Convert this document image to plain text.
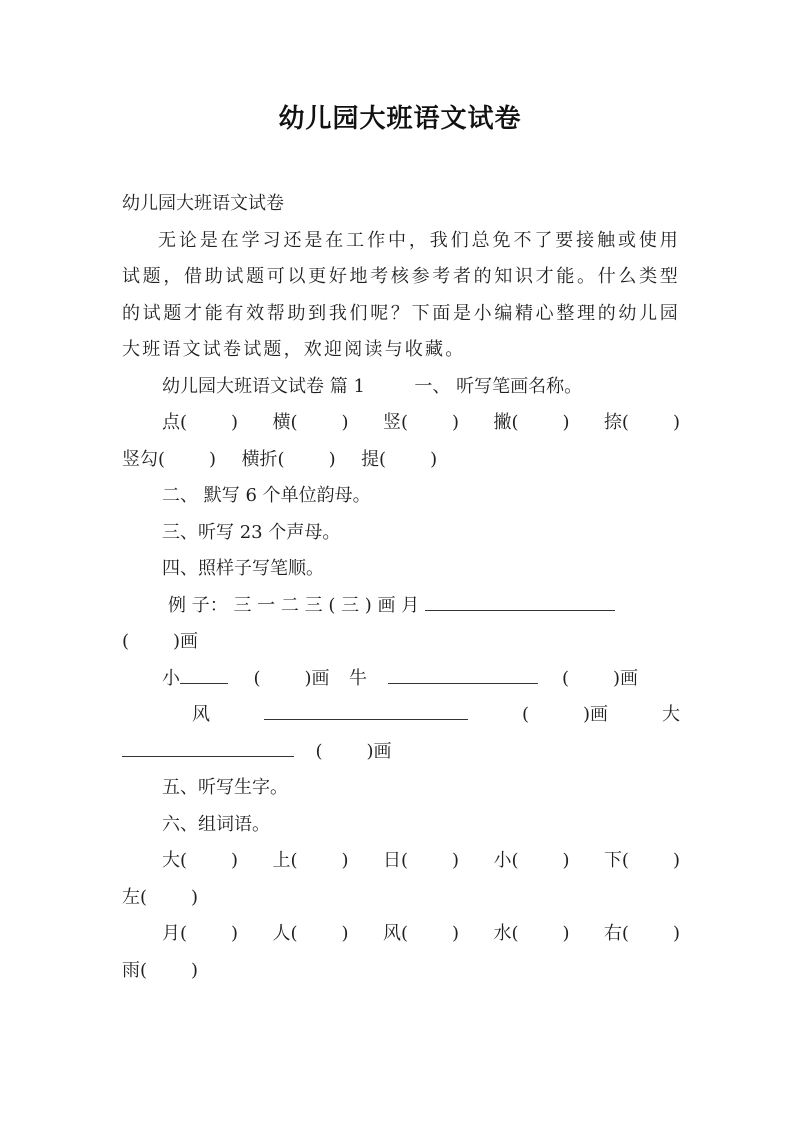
幼儿园大班语文试卷
幼儿园大班语文试卷
无论是在学习还是在工作中，我们总免不了要接触或使用试题，借助试题可以更好地考核参考者的知识才能。什么类型的试题才能有效帮助到我们呢？下面是小编精心整理的幼儿园大班语文试卷试题，欢迎阅读与收藏。
幼儿园大班语文试卷 篇 1	一、 听写笔画名称。
点( ) 横( ) 竖( ) 撇( ) 捺( )
竖勾( ) 横折( ) 提( )
二、 默写 6 个单位韵母。
三、听写 23 个声母。
四、照样子写笔顺。
例 子： 三 一 二 三 ( 三 ) 画 月
( )画
小	( )画 牛	( )画
风	(	)画	大
( )画
五、听写生字。
六、组词语。
大( ) 上( ) 日( ) 小( ) 下( )
左( )
月( ) 人( ) 风( ) 水( ) 右( )
雨( )
